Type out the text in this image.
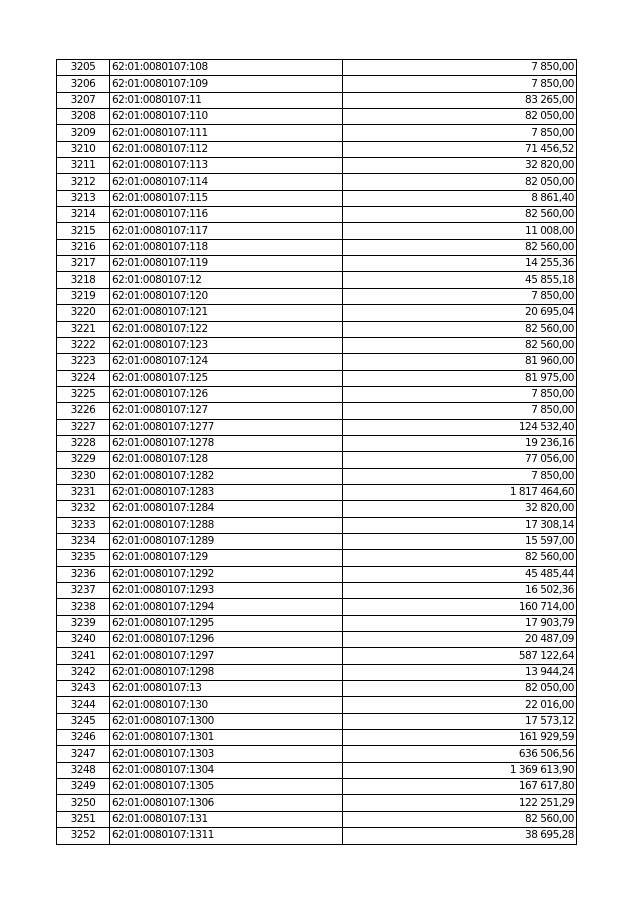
3205	62:01:0080107:108	7 850,00
3206	62:01:0080107:109	7 850,00
3207	62:01:0080107:11	83 265,00
3208	62:01:0080107:110	82 050,00
3209	62:01:0080107:111	7 850,00
3210	62:01:0080107:112	71 456,52
3211	62:01:0080107:113	32 820,00
3212	62:01:0080107:114	82 050,00
3213	62:01:0080107:115	8 861,40
3214	62:01:0080107:116	82 560,00
3215	62:01:0080107:117	11 008,00
3216	62:01:0080107:118	82 560,00
3217	62:01:0080107:119	14 255,36
3218	62:01:0080107:12	45 855,18
3219	62:01:0080107:120	7 850,00
3220	62:01:0080107:121	20 695,04
3221	62:01:0080107:122	82 560,00
3222	62:01:0080107:123	82 560,00
3223	62:01:0080107:124	81 960,00
3224	62:01:0080107:125	81 975,00
3225	62:01:0080107:126	7 850,00
3226	62:01:0080107:127	7 850,00
3227	62:01:0080107:1277	124 532,40
3228	62:01:0080107:1278	19 236,16
3229	62:01:0080107:128	77 056,00
3230	62:01:0080107:1282	7 850,00
3231	62:01:0080107:1283	1 817 464,60
3232	62:01:0080107:1284	32 820,00
3233	62:01:0080107:1288	17 308,14
3234	62:01:0080107:1289	15 597,00
3235	62:01:0080107:129	82 560,00
3236	62:01:0080107:1292	45 485,44
3237	62:01:0080107:1293	16 502,36
3238	62:01:0080107:1294	160 714,00
3239	62:01:0080107:1295	17 903,79
3240	62:01:0080107:1296	20 487,09
3241	62:01:0080107:1297	587 122,64
3242	62:01:0080107:1298	13 944,24
3243	62:01:0080107:13	82 050,00
3244	62:01:0080107:130	22 016,00
3245	62:01:0080107:1300	17 573,12
3246	62:01:0080107:1301	161 929,59
3247	62:01:0080107:1303	636 506,56
3248	62:01:0080107:1304	1 369 613,90
3249	62:01:0080107:1305	167 617,80
3250	62:01:0080107:1306	122 251,29
3251	62:01:0080107:131	82 560,00
3252	62:01:0080107:1311	38 695,28
